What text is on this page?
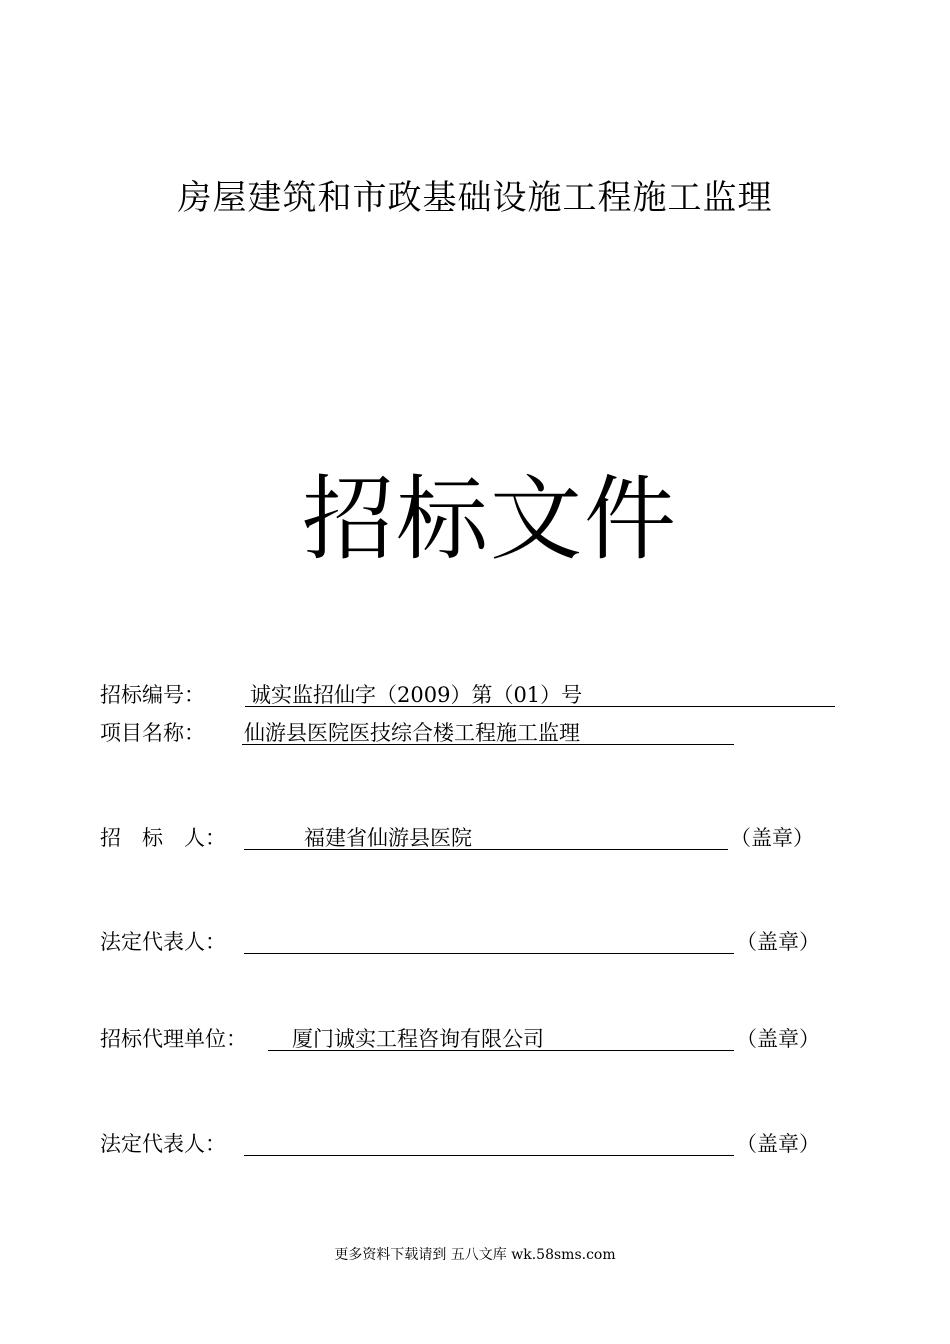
房屋建筑和市政基础设施工程施工监理
招标文件
招标编号： 诚实监招仙字（2009）第（01）号
项目名称： 仙游县医院医技综合楼工程施工监理
招　标　人：	福建省仙游县医院	（盖章）
法定代表人：	（盖章）
招标代理单位： 厦门诚实工程咨询有限公司	（盖章）
法定代表人：	（盖章）
更多资料下载请到 五八文库 wk.58sms.com
